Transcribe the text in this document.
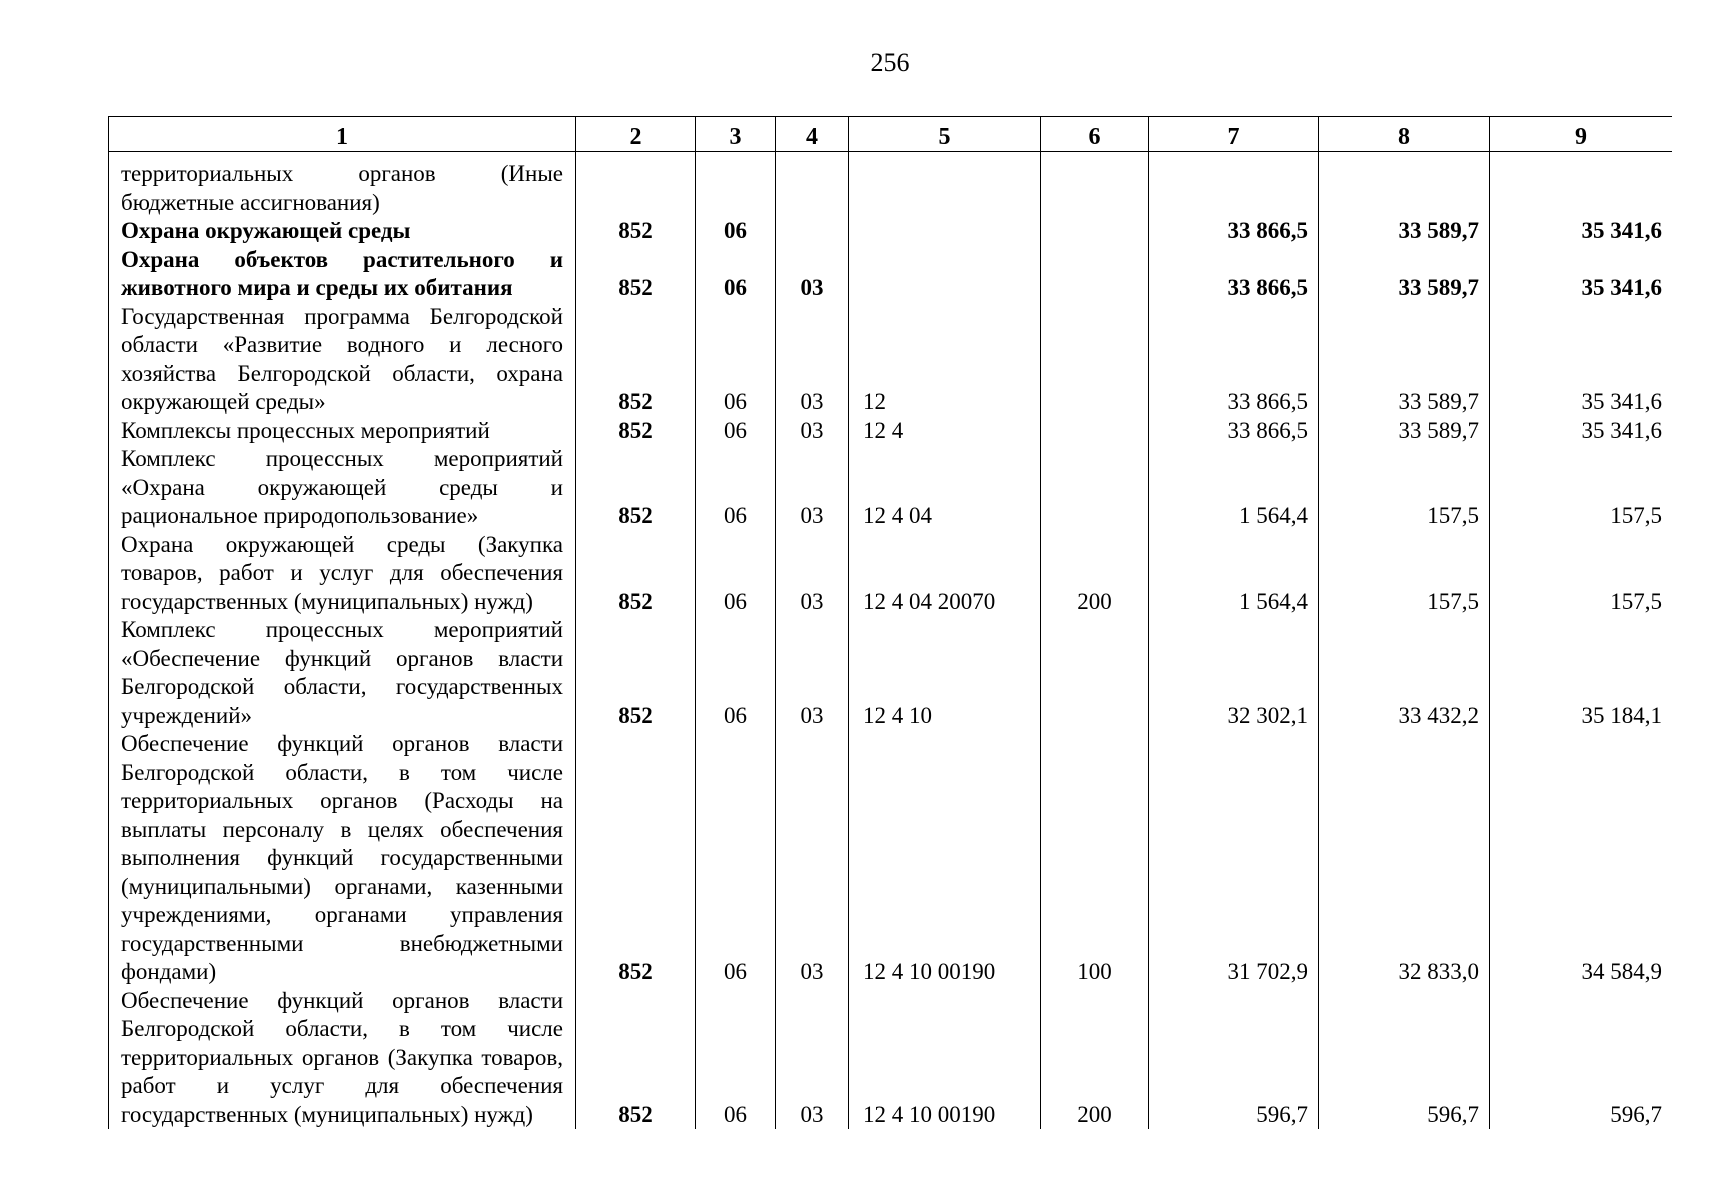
256
1	2	3	4	5	6	7	8	9
территориальных органов (Иные бюджетные ассигнования)								
Охрана окружающей среды	852	06				33 866,5	33 589,7	35 341,6
Охрана объектов растительного и животного мира и среды их обитания	852	06	03			33 866,5	33 589,7	35 341,6
Государственная программа Белгородской области «Развитие водного и лесного хозяйства Белгородской области, охрана окружающей среды»	852	06	03	12		33 866,5	33 589,7	35 341,6
Комплексы процессных мероприятий	852	06	03	12 4		33 866,5	33 589,7	35 341,6
Комплекс процессных мероприятий «Охрана окружающей среды и рациональное природопользование»	852	06	03	12 4 04		1 564,4	157,5	157,5
Охрана окружающей среды (Закупка товаров, работ и услуг для обеспечения государственных (муниципальных) нужд)	852	06	03	12 4 04 20070	200	1 564,4	157,5	157,5
Комплекс процессных мероприятий «Обеспечение функций органов власти Белгородской области, государственных учреждений»	852	06	03	12 4 10		32 302,1	33 432,2	35 184,1
Обеспечение функций органов власти Белгородской области, в том числе территориальных органов (Расходы на выплаты персоналу в целях обеспечения выполнения функций государственными (муниципальными) органами, казенными учреждениями, органами управления государственными внебюджетными фондами)	852	06	03	12 4 10 00190	100	31 702,9	32 833,0	34 584,9
Обеспечение функций органов власти Белгородской области, в том числе территориальных органов (Закупка товаров, работ и услуг для обеспечения государственных (муниципальных) нужд)	852	06	03	12 4 10 00190	200	596,7	596,7	596,7
